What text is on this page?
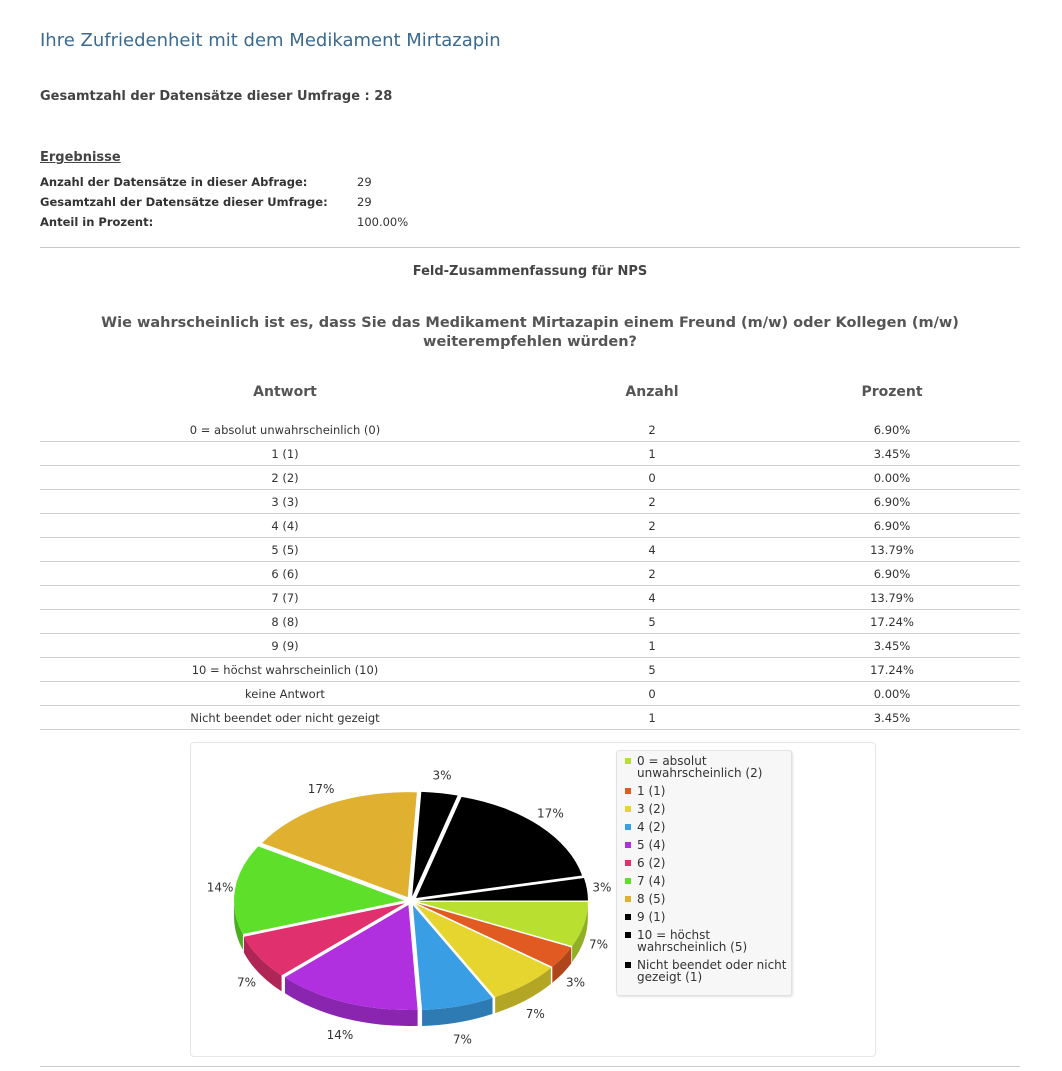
Ihre Zufriedenheit mit dem Medikament Mirtazapin
Gesamtzahl der Datensätze dieser Umfrage : 28
Ergebnisse
Anzahl der Datensätze in dieser Abfrage:	29
Gesamtzahl der Datensätze dieser Umfrage:	29
Anteil in Prozent:	100.00%
Feld-Zusammenfassung für NPS
Wie wahrscheinlich ist es, dass Sie das Medikament Mirtazapin einem Freund (m/w) oder Kollegen (m/w) weiterempfehlen würden?
Antwort	Anzahl	Prozent
0 = absolut unwahrscheinlich (0)	2	6.90%
1 (1)	1	3.45%
2 (2)	0	0.00%
3 (3)	2	6.90%
4 (4)	2	6.90%
5 (5)	4	13.79%
6 (6)	2	6.90%
7 (7)	4	13.79%
8 (8)	5	17.24%
9 (9)	1	3.45%
10 = höchst wahrscheinlich (10)	5	17.24%
keine Antwort	0	0.00%
Nicht beendet oder nicht gezeigt	1	3.45%
7%
3%
7%
7%
14%
7%
14%
17%
3%
17%
3%
0 = absolut unwahrscheinlich (2)
1 (1)
3 (2)
4 (2)
5 (4)
6 (2)
7 (4)
8 (5)
9 (1)
10 = höchst wahrscheinlich (5)
Nicht beendet oder nicht gezeigt (1)
